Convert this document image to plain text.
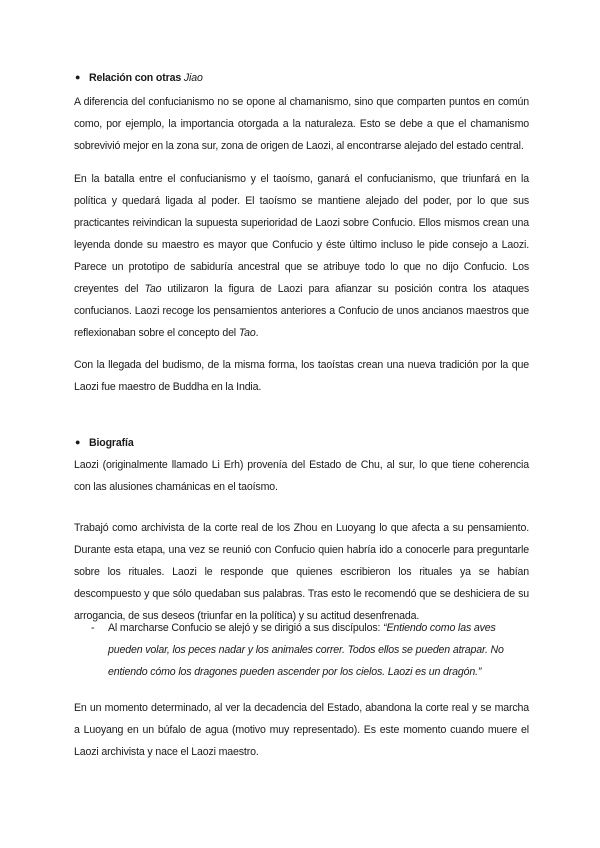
● Relación con otras Jiao
A diferencia del confucianismo no se opone al chamanismo, sino que comparten puntos en común como, por ejemplo, la importancia otorgada a la naturaleza. Esto se debe a que el chamanismo sobrevivió mejor en la zona sur, zona de origen de Laozi, al encontrarse alejado del estado central.
En la batalla entre el confucianismo y el taoísmo, ganará el confucianismo, que triunfará en la política y quedará ligada al poder. El taoísmo se mantiene alejado del poder, por lo que sus practicantes reivindican la supuesta superioridad de Laozi sobre Confucio. Ellos mismos crean una leyenda donde su maestro es mayor que Confucio y éste último incluso le pide consejo a Laozi. Parece un prototipo de sabiduría ancestral que se atribuye todo lo que no dijo Confucio. Los creyentes del Tao utilizaron la figura de Laozi para afianzar su posición contra los ataques confucianos. Laozi recoge los pensamientos anteriores a Confucio de unos ancianos maestros que reflexionaban sobre el concepto del Tao.
Con la llegada del budismo, de la misma forma, los taoístas crean una nueva tradición por la que Laozi fue maestro de Buddha en la India.
● Biografía
Laozi (originalmente llamado Li Erh) provenía del Estado de Chu, al sur, lo que tiene coherencia con las alusiones chamánicas en el taoísmo.
Trabajó como archivista de la corte real de los Zhou en Luoyang lo que afecta a su pensamiento. Durante esta etapa, una vez se reunió con Confucio quien habría ido a conocerle para preguntarle sobre los rituales. Laozi le responde que quienes escribieron los rituales ya se habían descompuesto y que sólo quedaban sus palabras. Tras esto le recomendó que se deshiciera de su arrogancia, de sus deseos (triunfar en la política) y su actitud desenfrenada.
- Al marcharse Confucio se alejó y se dirigió a sus discípulos: “Entiendo como las aves pueden volar, los peces nadar y los animales correr. Todos ellos se pueden atrapar. No entiendo cómo los dragones pueden ascender por los cielos. Laozi es un dragón.”
En un momento determinado, al ver la decadencia del Estado, abandona la corte real y se marcha a Luoyang en un búfalo de agua (motivo muy representado). Es este momento cuando muere el Laozi archivista y nace el Laozi maestro.
